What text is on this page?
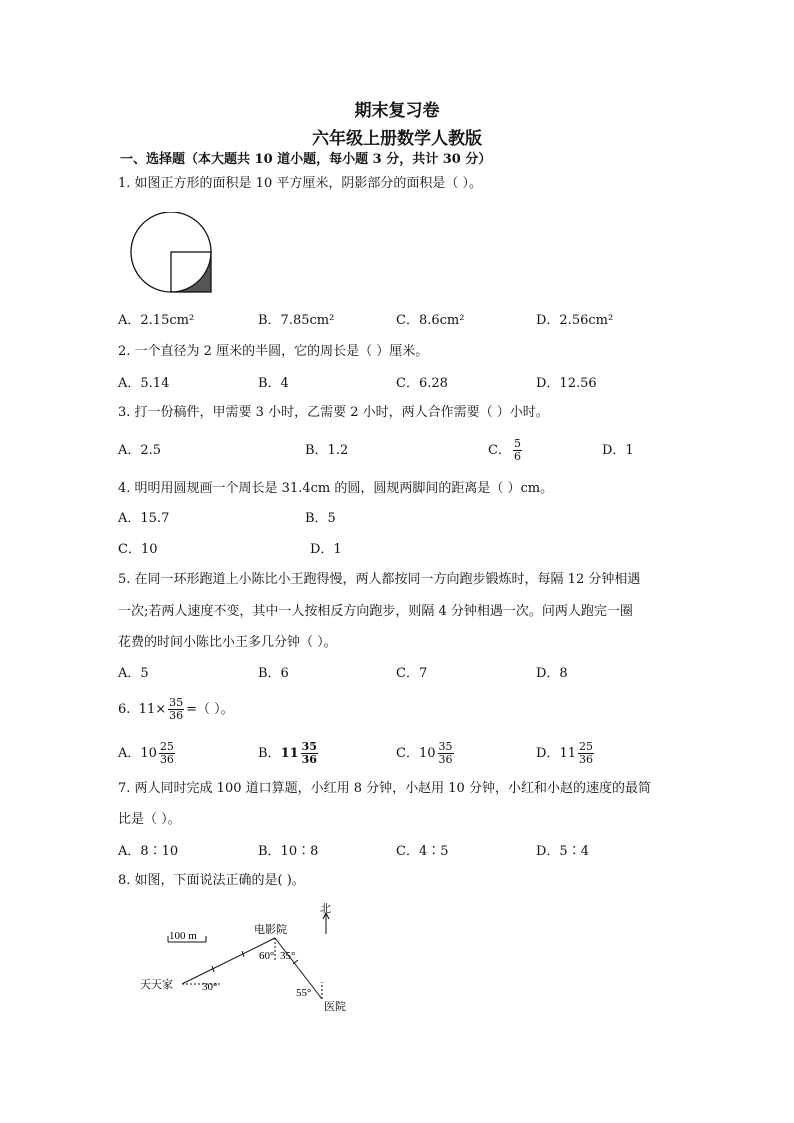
期末复习卷
六年级上册数学人教版
一、选择题（本大题共 10 道小题，每小题 3 分，共计 30 分）
1. 如图正方形的面积是 10 平方厘米，阴影部分的面积是（ ）。
A．2.15cm²	B．7.85cm²	C．8.6cm²	D．2.56cm²
2. 一个直径为 2 厘米的半圆，它的周长是（ ）厘米。
A．5.14	B．4	C．6.28	D．12.56
3. 打一份稿件，甲需要 3 小时，乙需要 2 小时，两人合作需要（ ）小时。
A．2.5	B．1.2	C． $\frac{5}{6}$	D．1
4. 明明用圆规画一个周长是 31.4cm 的圆，圆规两脚间的距离是（ ）cm。
A．15.7	B．5
C．10	D．1
5. 在同一环形跑道上小陈比小王跑得慢，两人都按同一方向跑步锻炼时，每隔 12 分钟相遇
一次;若两人速度不变，其中一人按相反方向跑步，则隔 4 分钟相遇一次。问两人跑完一圈
花费的时间小陈比小王多几分钟（ ）。
A．5	B．6	C．7	D．8
6. $11\times \frac{35}{36}$ =（ ）。
A．$10 \frac{25}{36}$	B．$11 \frac{35}{36}$	C．$10 \frac{35}{36}$	D．$11 \frac{25}{36}$
7. 两人同时完成 100 道口算题，小红用 8 分钟，小赵用 10 分钟，小红和小赵的速度的最简
比是（ ）。
A．8∶10	B．10∶8	C．4∶5	D．5∶4
8. 如图，下面说法正确的是( )。
100 m
北
天天家
电影院
医院
60° 35°
30°	55°
